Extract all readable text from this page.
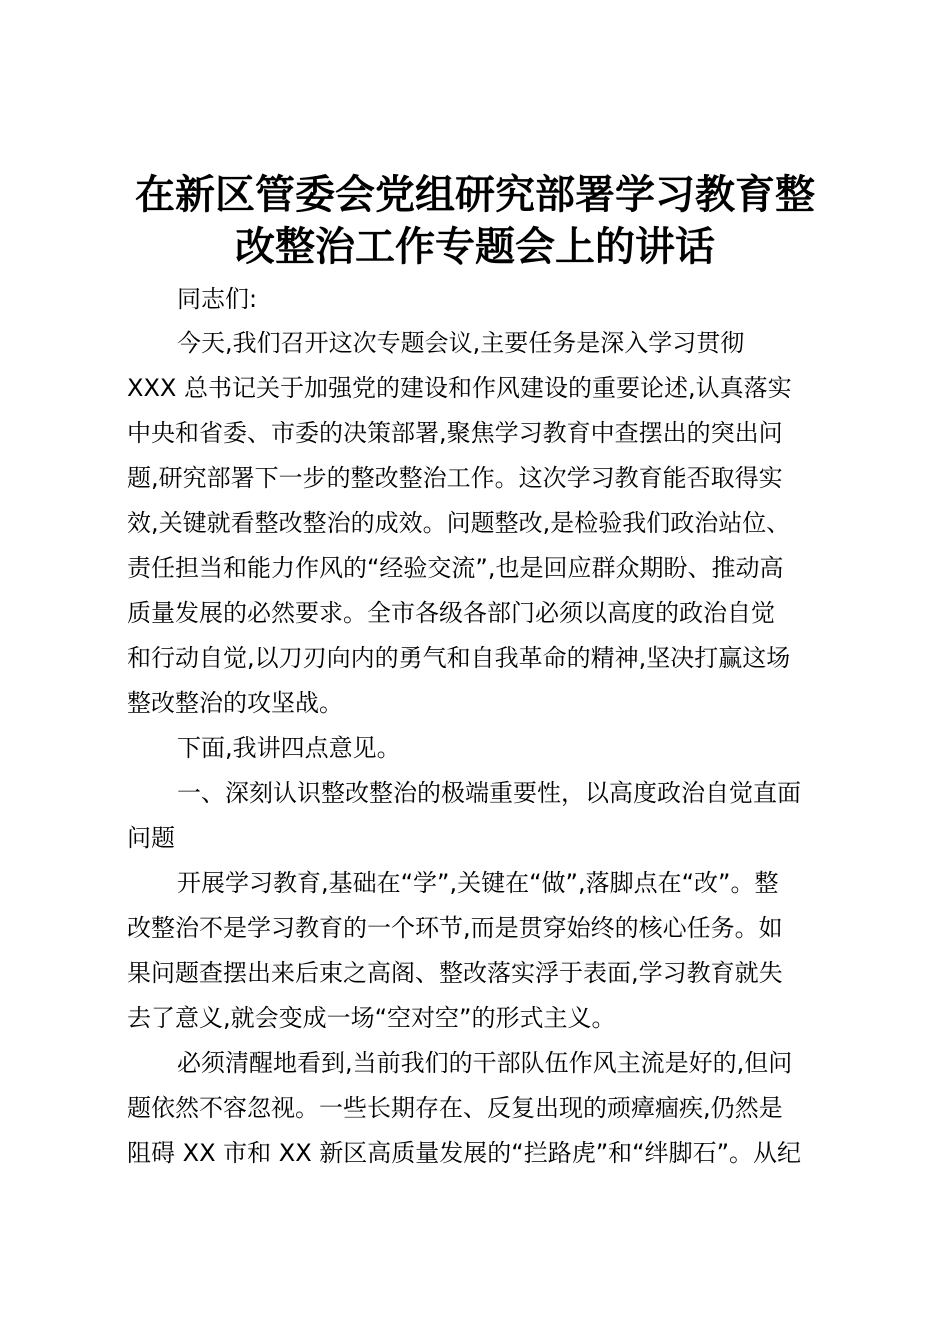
在新区管委会党组研究部署学习教育整
改整治工作专题会上的讲话
同志们:
今天,我们召开这次专题会议,主要任务是深入学习贯彻
XXX 总书记关于加强党的建设和作风建设的重要论述,认真落实
中央和省委、市委的决策部署,聚焦学习教育中查摆出的突出问
题,研究部署下一步的整改整治工作。这次学习教育能否取得实
效,关键就看整改整治的成效。问题整改,是检验我们政治站位、
责任担当和能力作风的“经验交流”,也是回应群众期盼、推动高
质量发展的必然要求。全市各级各部门必须以高度的政治自觉
和行动自觉,以刀刃向内的勇气和自我革命的精神,坚决打赢这场
整改整治的攻坚战。
下面,我讲四点意见。
一、深刻认识整改整治的极端重要性，以高度政治自觉直面
问题
开展学习教育,基础在“学”,关键在“做”,落脚点在“改”。整
改整治不是学习教育的一个环节,而是贯穿始终的核心任务。如
果问题查摆出来后束之高阁、整改落实浮于表面,学习教育就失
去了意义,就会变成一场“空对空”的形式主义。
必须清醒地看到,当前我们的干部队伍作风主流是好的,但问
题依然不容忽视。一些长期存在、反复出现的顽瘴痼疾,仍然是
阻碍 XX 市和 XX 新区高质量发展的“拦路虎”和“绊脚石”。从纪
